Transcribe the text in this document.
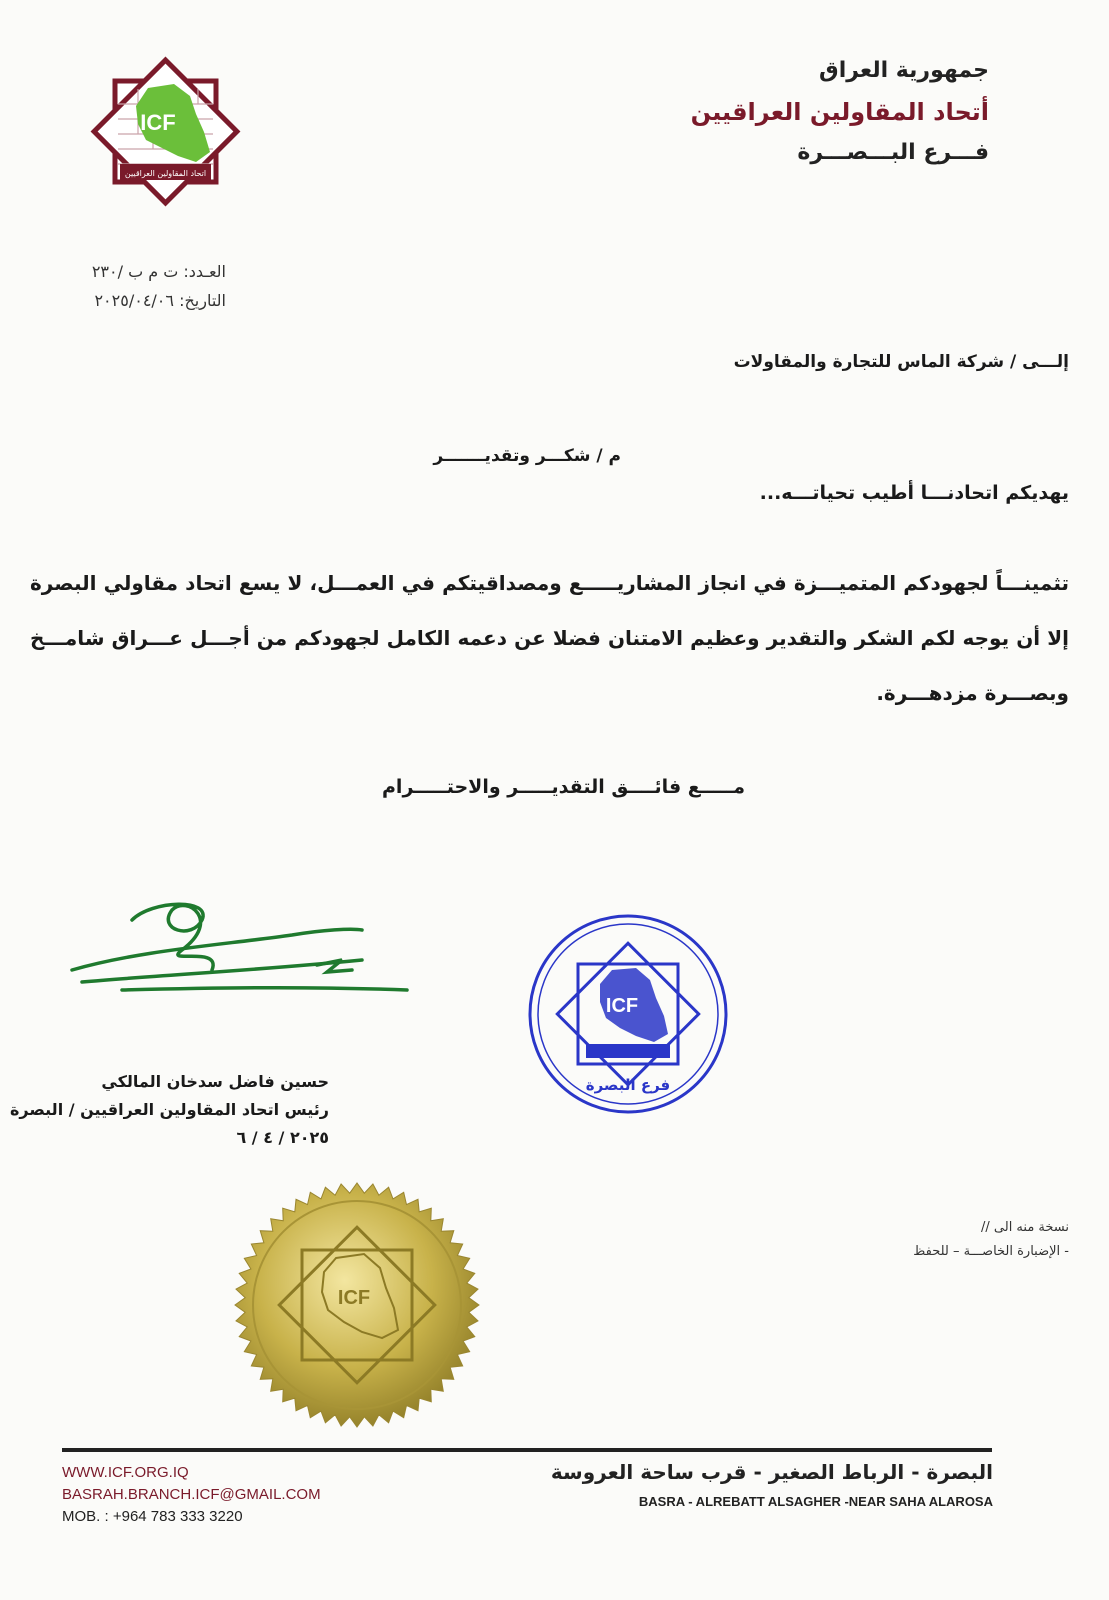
جمهورية العراق
أتحاد المقاولين العراقيين
فـــرع البـــصـــرة
ICF
اتحاد المقاولين العراقيين
العـدد: ت م ب /٢٣٠
التاريخ: ٢٠٢٥/٠٤/٠٦
إلـــى / شركة الماس للتجارة والمقاولات
م / شكـــر وتقديـــــــر
يهديكم اتحادنـــا أطيب تحياتـــه...
تثمينـــاً لجهودكم المتميـــزة في انجاز المشاريـــــع ومصداقيتكم في العمـــل، لا يسع اتحاد مقاولي البصرة إلا أن يوجه لكم الشكر والتقدير وعظيم الامتنان فضلا عن دعمه الكامل لجهودكم من أجـــل عـــراق شامـــخ وبصـــرة مزدهـــرة.
مـــــع فائــــق التقديـــــر والاحتـــــرام
حسين فاضل سدخان المالكي
رئيس اتحاد المقاولين العراقيين / البصرة
٢٠٢٥ / ٤ / ٦
ICF
فرع البصرة
نسخة منه الى //
- الإضبارة الخاصـــة – للحفظ
ICF
WWW.ICF.ORG.IQ
BASRAH.BRANCH.ICF@GMAIL.COM
MOB. : +964 783 333 3220
البصرة - الرباط الصغير - قرب ساحة العروسة
BASRA - ALREBATT ALSAGHER -NEAR SAHA ALAROSA
